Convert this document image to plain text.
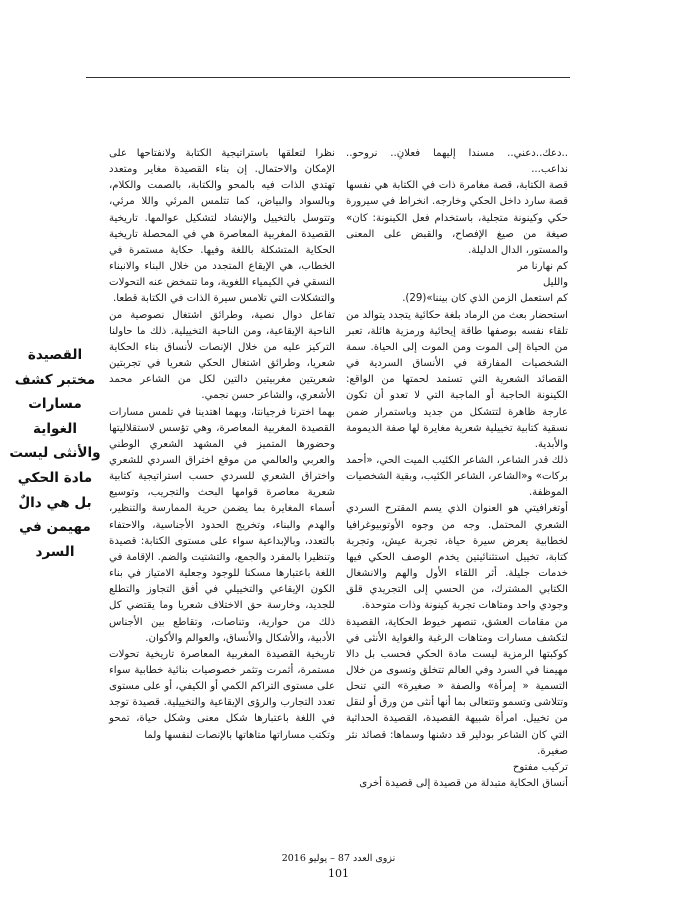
..دعك..دعني.. مسندا إليهما فعلانِ.. نروحو.. نداعب...

قصة الكتابة، قصة مغامرة ذات في الكتابة هي نفسها قصة سارد داخل الحكي وخارجه. انخراط في سيرورة حكي وكينونة متجلية، باستخدام فعل الكينونة: كان» صيغة من صيغ الإفصاح، والقبض على المعنى والمستور، الدال الدليلة.

كم نهارنا مر

والليل

كم استعمل الزمن الذي كان بيننا»(29).

استحضار بعث من الرماد بلغة حكائية يتجدد يتوالد من تلقاء نفسه بوصفها طاقة إيحائية ورمزية هائلة، تعبر من الحياة إلى الموت ومن الموت إلى الحياة. سمة الشخصيات المفارقة في الأنساق السردية في القصائد الشعرية التي تستمد لحمتها من الواقع: الكينونة الحاجبة أو الماجبة التي لا تعدو أن تكون عارجة ظاهرة لتتشكل من جديد وباستمرار ضمن نسقية كتابية تخييلية شعرية مغايرة لها صفة الديمومة والأبدية.

ذلك قدر الشاعر، الشاعر الكئيب الميت الحي، «أحمد بركات» و«الشاعر، الشاعر الكئيب، وبقية الشخصيات الموظفة.

أوتغرافيتي هو العنوان الذي يسم المقترح السردي الشعري المحتمل. وجه من وجوه الأوتوبيوغرافيا لخطابية يعرض سيرة حياة، تجربة عيش، وتجربة كتابة، تخييل استثنائيتين يخدم الوصف الحكي فيها خدمات جليلة. أثر اللقاء الأول والهم والانشغال الكتابي المشترك، من الحسي إلى التجريدي قلق وجودي واحد ومتاهات تجربة كينونة وذات متوحدة.

من مقامات العشق، تنصهر خيوط الحكاية، القصيدة لتكشف مسارات ومتاهات الرغبة والغواية الأنثى في كوكبتها الرمزية ليست مادة الحكي فحسب بل دالا مهيمنا في السرد وفي العالم تتخلق وتسوى من خلال التسمية « إمرأة» والصفة « صغيرة» التي تنحل وتتلاشى وتسمو وتتعالى بما أنها أنثى من ورق أو لنقل من تخييل. امرأة شبيهة القصيدة، القصيدة الحداثية التي كان الشاعر بودلير قد دشنها وسماها: قصائد نثر صغيرة.

تركيب مفتوح

أنساق الحكاية متبدلة من قصيدة إلى قصيدة أخرى

نظرا لتعلقها باستراتيجية الكتابة ولانفتاحها على الإمكان والاحتمال. إن بناء القصيدة مغاير ومتعدد تهتدي الذات فيه بالمحو والكتابة، بالصمت والكلام، وبالسواد والبياض، كما تتلمس المرئي واللا مرئي، وتتوسل بالتخييل والإنشاد لتشكيل عوالمها. تاريخية القصيدة المغربية المعاصرة هي في المحصلة تاريخية الحكاية المتشكلة باللغة وفيها. حكاية مستمرة في الخطاب، هي الإيقاع المتجدد من خلال البناء والانبناء النسقي في الكيمياء اللغوية، وما تتمخض عنه التحولات والتشكلات التي تلامس سيرة الذات في الكتابة قطعا.

تفاعل دوال نصية، وطرائق اشتغال نصوصية من الناحية الإيقاعية، ومن الناحية التخييلية. ذلك ما حاولنا التركيز عليه من خلال الإنصات لأنساق بناء الحكاية شعريا، وطرائق اشتغال الحكي شعريا في تجربتين شعريتين مغربيتين دالتين لكل من الشاعر محمد الأشعري، والشاعر حسن نجمي.

بهما اخترنا فرجيانتا، وبهما اهتدينا في تلمس مسارات القصيدة المغربية المعاصرة، وهي تؤسس لاستقلاليتها وحضورها المتميز في المشهد الشعري الوطني والعربي والعالمي من موقع اختراق السردي للشعري واختراق الشعري للسردي حسب استراتيجية كتابية شعرية معاصرة قوامها البحث والتجريب، وتوسيع أسماء المغايرة بما يضمن حرية الممارسة والتنظير، والهدم والبناء، وتخريج الحدود الأجناسية، والاحتفاء بالتعدد، وبالإبداعية سواء على مستوى الكتابة: قصيدة وتنظيرا بالمفرد والجمع، والتشتيت والضم. الإقامة في اللغة باعتبارها مسكنا للوجود وجعلية الامتياز في بناء الكون الإيقاعي والتخييلي في أفق التجاوز والتطلع للجديد، وخارسة حق الاختلاف شعريا وما يقتضي كل ذلك من حوارية، وتناصات، وتقاطع بين الأجناس الأدبية، والأشكال والأنساق، والعوالم والأكوان.

تاريخية القصيدة المغربية المعاصرة تاريخية تحولات مستمرة، أثمرت وتثمر خصوصيات بنائية خطابية سواء على مستوى التراكم الكمي أو الكيفي، أو على مستوى تعدد التجارب والرؤى الإيقاعية والتخييلية. قصيدة توجد في اللغة باعتبارها شكل معنى وشكل حياة، تمحو وتكتب مساراتها متاهاتها بالإنصات لنفسها ولما

القصيدة

مختبر كشف

مسارات

الغواية

والأنثى ليست

مادة الحكي

بل هي دالٌ

مهيمن في

السرد

نزوى العدد 87 – يوليو 2016
101
